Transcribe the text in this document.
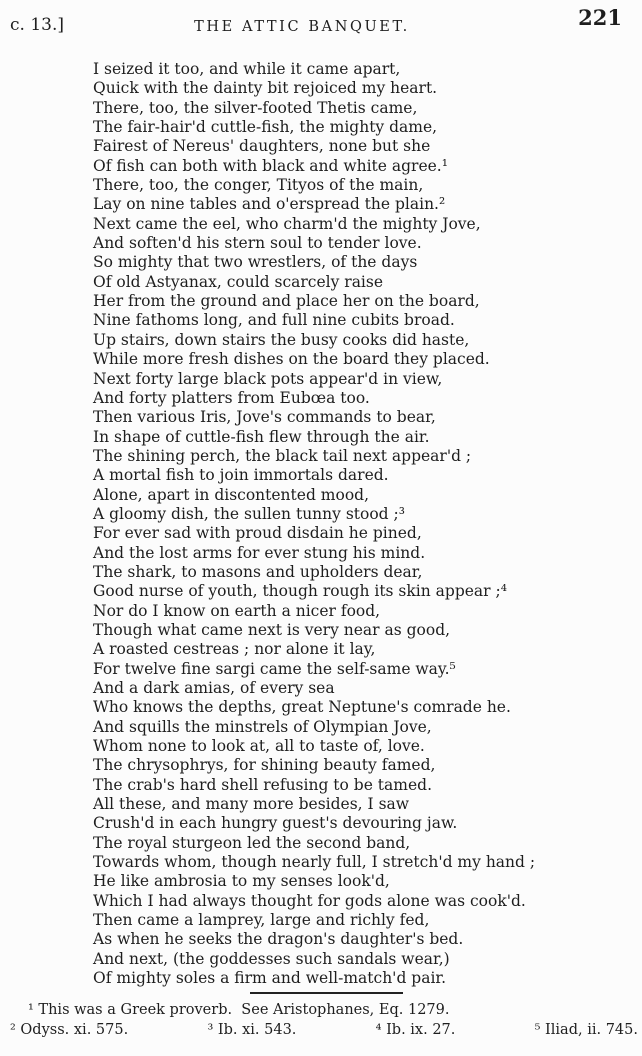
c. 13.]	THE ATTIC BANQUET.	221
I seized it too, and while it came apart,
Quick with the dainty bit rejoiced my heart.
There, too, the silver-footed Thetis came,
The fair-hair'd cuttle-fish, the mighty dame,
Fairest of Nereus' daughters, none but she
Of fish can both with black and white agree.¹
There, too, the conger, Tityos of the main,
Lay on nine tables and o'erspread the plain.²
Next came the eel, who charm'd the mighty Jove,
And soften'd his stern soul to tender love.
So mighty that two wrestlers, of the days
Of old Astyanax, could scarcely raise
Her from the ground and place her on the board,
Nine fathoms long, and full nine cubits broad.
Up stairs, down stairs the busy cooks did haste,
While more fresh dishes on the board they placed.
Next forty large black pots appear'd in view,
And forty platters from Eubœa too.
Then various Iris, Jove's commands to bear,
In shape of cuttle-fish flew through the air.
The shining perch, the black tail next appear'd ;
A mortal fish to join immortals dared.
Alone, apart in discontented mood,
A gloomy dish, the sullen tunny stood ;³
For ever sad with proud disdain he pined,
And the lost arms for ever stung his mind.
The shark, to masons and upholders dear,
Good nurse of youth, though rough its skin appear ;⁴
Nor do I know on earth a nicer food,
Though what came next is very near as good,
A roasted cestreas ; nor alone it lay,
For twelve fine sargi came the self-same way.⁵
And a dark amias, of every sea
Who knows the depths, great Neptune's comrade he.
And squills the minstrels of Olympian Jove,
Whom none to look at, all to taste of, love.
The chrysophrys, for shining beauty famed,
The crab's hard shell refusing to be tamed.
All these, and many more besides, I saw
Crush'd in each hungry guest's devouring jaw.
The royal sturgeon led the second band,
Towards whom, though nearly full, I stretch'd my hand ;
He like ambrosia to my senses look'd,
Which I had always thought for gods alone was cook'd.
Then came a lamprey, large and richly fed,
As when he seeks the dragon's daughter's bed.
And next, (the goddesses such sandals wear,)
Of mighty soles a firm and well-match'd pair.
¹ This was a Greek proverb.  See Aristophanes, Eq. 1279.
² Odyss. xi. 575.	³ Ib. xi. 543.	⁴ Ib. ix. 27.	⁵ Iliad, ii. 745.
